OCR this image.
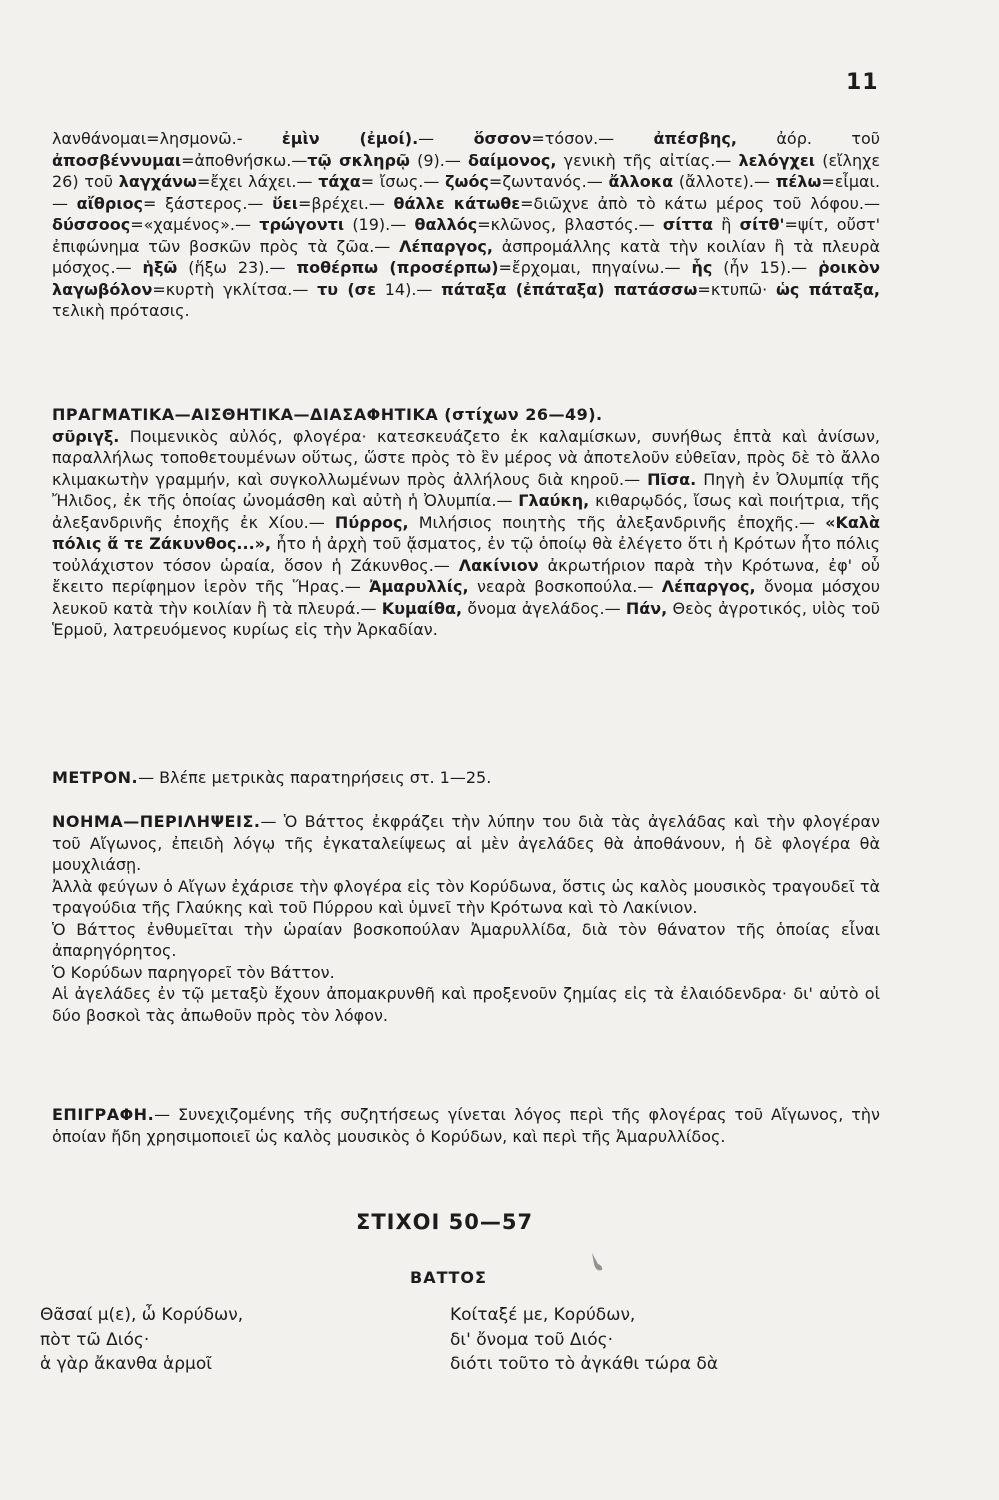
11
λανθάνομαι=λησμονῶ.- ἐμὶν (ἐμοί).— ὅσσον=τόσον.— ἀπέσβης, ἀόρ. τοῦ ἀποσβέννυμαι=ἀποθνήσκω.—τῷ σκληρῷ (9).— δαίμονος, γενικὴ τῆς αἰτίας.— λελόγχει (εἴληχε 26) τοῦ λαγχάνω=ἔχει λάχει.— τάχα= ἴσως.— ζωός=ζωντανός.— ἄλλοκα (ἄλλοτε).— πέλω=εἶμαι.— αἴθριος= ξάστερος.— ὕει=βρέχει.— θάλλε κάτωθε=διῶχνε ἀπὸ τὸ κάτω μέρος τοῦ λόφου.— δύσσοος=«χαμένος».— τρώγοντι (19).— θαλλός=κλῶνος, βλαστός.— σίττα ἢ σίτθ'=ψίτ, οὔστ' ἐπιφώνημα τῶν βοσκῶν πρὸς τὰ ζῶα.— Λέπαργος, ἀσπρομάλλης κατὰ τὴν κοιλίαν ἢ τὰ πλευρὰ μόσχος.— ἡξῶ (ἥξω 23).— ποθέρπω (προσέρπω)=ἔρχομαι, πηγαίνω.— ἧς (ἦν 15).— ῥοικὸν λαγωβόλον=κυρτὴ γκλίτσα.— τυ (σε 14).— πάταξα (ἐπάταξα) πατάσσω=κτυπῶ· ὡς πάταξα, τελικὴ πρότασις.

ΠΡΑΓΜΑΤΙΚΑ—ΑΙΣΘΗΤΙΚΑ—ΔΙΑΣΑΦΗΤΙΚΑ (στίχων 26—49).

σῦριγξ. Ποιμενικὸς αὐλός, φλογέρα· κατεσκευάζετο ἐκ καλαμίσκων, συνήθως ἑπτὰ καὶ ἀνίσων, παραλλήλως τοποθετουμένων οὕτως, ὥστε πρὸς τὸ ἓν μέρος νὰ ἀποτελοῦν εὐθεῖαν, πρὸς δὲ τὸ ἄλλο κλιμακωτὴν γραμμήν, καὶ συγκολλωμένων πρὸς ἀλλήλους διὰ κηροῦ.— Πῖσα. Πηγὴ ἐν Ὀλυμπίᾳ τῆς Ἤλιδος, ἐκ τῆς ὁποίας ὠνομάσθη καὶ αὐτὴ ἡ Ὀλυμπία.— Γλαύκη, κιθαρῳδός, ἴσως καὶ ποιήτρια, τῆς ἀλεξανδρινῆς ἐποχῆς ἐκ Χίου.— Πύρρος, Μιλήσιος ποιητὴς τῆς ἀλεξανδρινῆς ἐποχῆς.— «Καλὰ πόλις ἅ τε Ζάκυνθος...», ἦτο ἡ ἀρχὴ τοῦ ᾄσματος, ἐν τῷ ὁποίῳ θὰ ἐλέγετο ὅτι ἡ Κρότων ἦτο πόλις τοὐλάχιστον τόσον ὡραία, ὅσον ἡ Ζάκυνθος.— Λακίνιον ἀκρωτήριον παρὰ τὴν Κρότωνα, ἐφ' οὗ ἔκειτο περίφημον ἱερὸν τῆς Ἥρας.— Ἀμαρυλλίς, νεαρὰ βοσκοπούλα.— Λέπαργος, ὄνομα μόσχου λευκοῦ κατὰ τὴν κοιλίαν ἢ τὰ πλευρά.— Κυμαίθα, ὄνομα ἀγελάδος.— Πάν, Θεὸς ἀγροτικός, υἱὸς τοῦ Ἑρμοῦ, λατρευόμενος κυρίως εἰς τὴν Ἀρκαδίαν.

ΜΕΤΡΟΝ.— Βλέπε μετρικὰς παρατηρήσεις στ. 1—25.

ΝΟΗΜΑ—ΠΕΡΙΛΗΨΕΙΣ.— Ὁ Βάττος ἐκφράζει τὴν λύπην του διὰ τὰς ἀγελάδας καὶ τὴν φλογέραν τοῦ Αἴγωνος, ἐπειδὴ λόγῳ τῆς ἐγκαταλείψεως αἱ μὲν ἀγελάδες θὰ ἀποθάνουν, ἡ δὲ φλογέρα θὰ μουχλιάσῃ.

Ἀλλὰ φεύγων ὁ Αἴγων ἐχάρισε τὴν φλογέρα εἰς τὸν Κορύδωνα, ὅστις ὡς καλὸς μουσικὸς τραγουδεῖ τὰ τραγούδια τῆς Γλαύκης καὶ τοῦ Πύρρου καὶ ὑμνεῖ τὴν Κρότωνα καὶ τὸ Λακίνιον.

Ὁ Βάττος ἐνθυμεῖται τὴν ὡραίαν βοσκοπούλαν Ἀμαρυλλίδα, διὰ τὸν θάνατον τῆς ὁποίας εἶναι ἀπαρηγόρητος.

Ὁ Κορύδων παρηγορεῖ τὸν Βάττον.

Αἱ ἀγελάδες ἐν τῷ μεταξὺ ἔχουν ἀπομακρυνθῆ καὶ προξενοῦν ζημίας εἰς τὰ ἐλαιόδενδρα· δι' αὐτὸ οἱ δύο βοσκοὶ τὰς ἀπωθοῦν πρὸς τὸν λόφον.

ΕΠΙΓΡΑΦΗ.— Συνεχιζομένης τῆς συζητήσεως γίνεται λόγος περὶ τῆς φλογέρας τοῦ Αἴγωνος, τὴν ὁποίαν ἤδη χρησιμοποιεῖ ὡς καλὸς μουσικὸς ὁ Κορύδων, καὶ περὶ τῆς Ἀμαρυλλίδος.

ΣΤΙΧΟΙ 50—57
ΒΑΤΤΟΣ
Θᾶσαί μ(ε), ὦ Κορύδων,
πὸτ τῶ Διός·
ἁ γὰρ ἄκανθα ἁρμοῖ
Κοίταξέ με, Κορύδων,
δι' ὄνομα τοῦ Διός·
διότι τοῦτο τὸ ἀγκάθι τώρα δὰ
